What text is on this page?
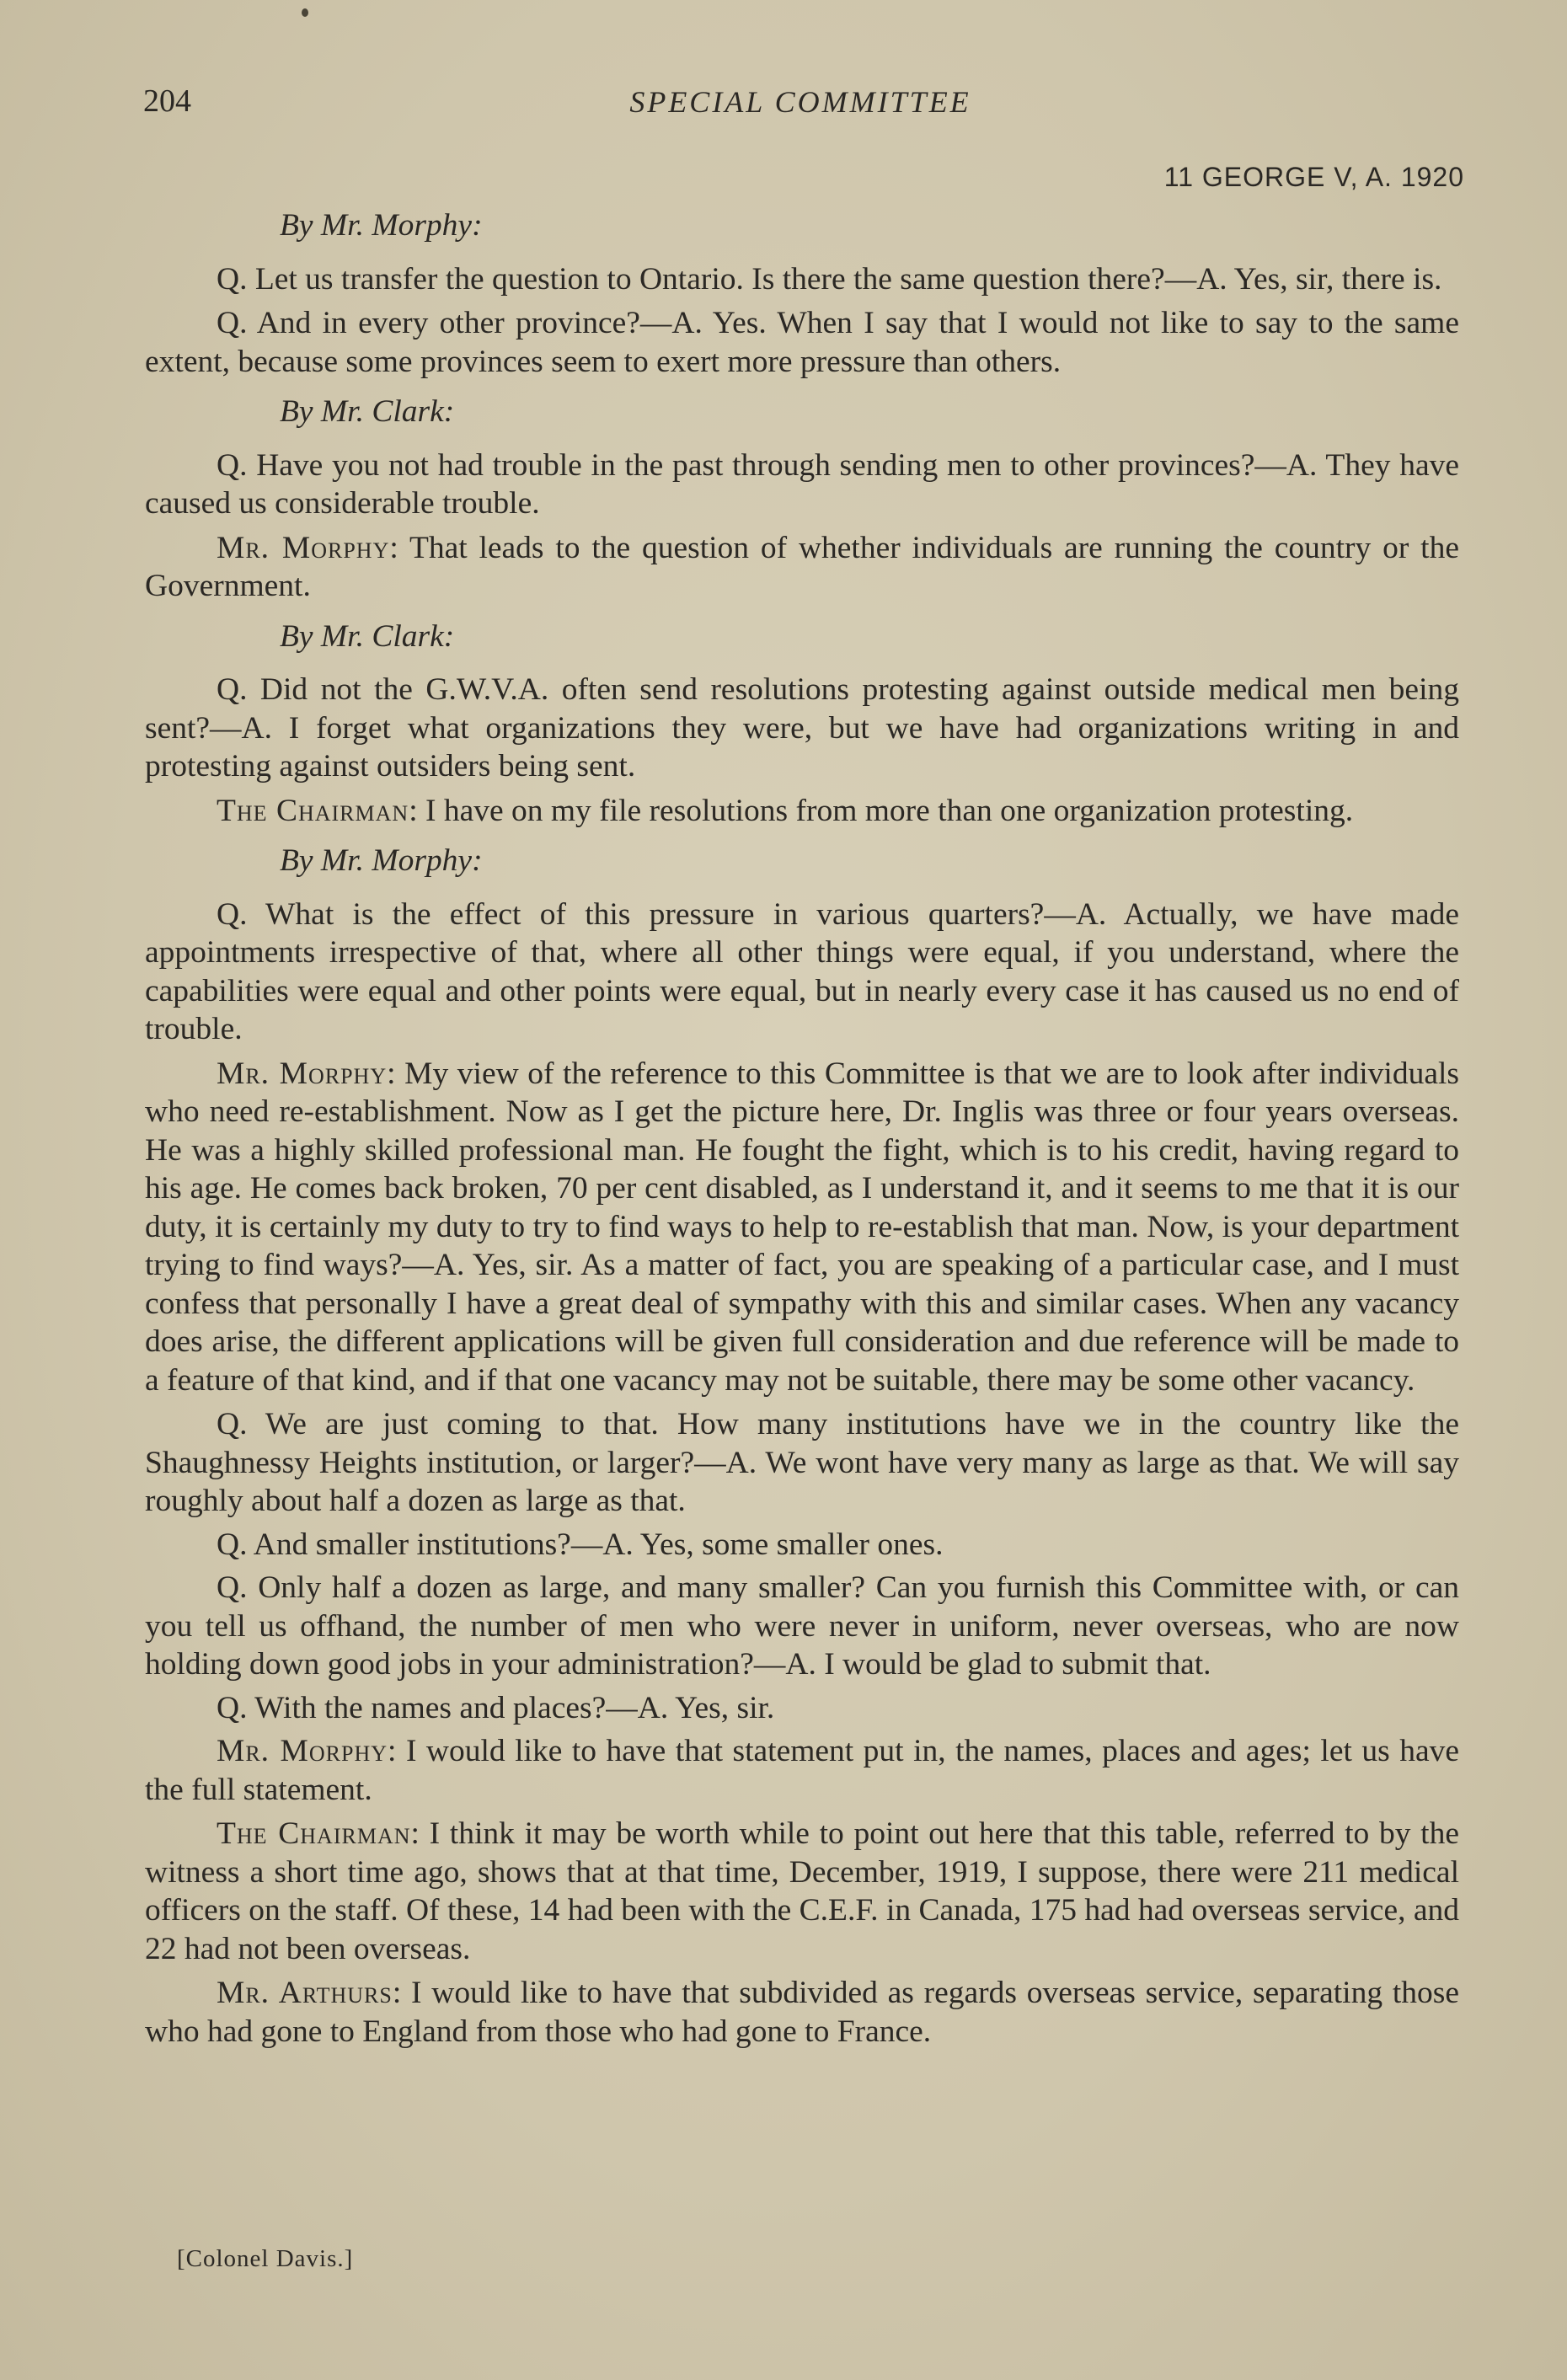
204	SPECIAL COMMITTEE
11 GEORGE V, A. 1920

By Mr. Morphy:

Q. Let us transfer the question to Ontario. Is there the same question there?—A. Yes, sir, there is.

Q. And in every other province?—A. Yes. When I say that I would not like to say to the same extent, because some provinces seem to exert more pressure than others.

By Mr. Clark:

Q. Have you not had trouble in the past through sending men to other provinces?—A. They have caused us considerable trouble.

Mr. Morphy: That leads to the question of whether individuals are running the country or the Government.

By Mr. Clark:

Q. Did not the G.W.V.A. often send resolutions protesting against outside medical men being sent?—A. I forget what organizations they were, but we have had organizations writing in and protesting against outsiders being sent.

The Chairman: I have on my file resolutions from more than one organization protesting.

By Mr. Morphy:

Q. What is the effect of this pressure in various quarters?—A. Actually, we have made appointments irrespective of that, where all other things were equal, if you understand, where the capabilities were equal and other points were equal, but in nearly every case it has caused us no end of trouble.

Mr. Morphy: My view of the reference to this Committee is that we are to look after individuals who need re-establishment. Now as I get the picture here, Dr. Inglis was three or four years overseas. He was a highly skilled professional man. He fought the fight, which is to his credit, having regard to his age. He comes back broken, 70 per cent disabled, as I understand it, and it seems to me that it is our duty, it is certainly my duty to try to find ways to help to re-establish that man. Now, is your department trying to find ways?—A. Yes, sir. As a matter of fact, you are speaking of a particular case, and I must confess that personally I have a great deal of sympathy with this and similar cases. When any vacancy does arise, the different applications will be given full consideration and due reference will be made to a feature of that kind, and if that one vacancy may not be suitable, there may be some other vacancy.

Q. We are just coming to that. How many institutions have we in the country like the Shaughnessy Heights institution, or larger?—A. We wont have very many as large as that. We will say roughly about half a dozen as large as that.

Q. And smaller institutions?—A. Yes, some smaller ones.

Q. Only half a dozen as large, and many smaller? Can you furnish this Committee with, or can you tell us offhand, the number of men who were never in uniform, never overseas, who are now holding down good jobs in your administration?—A. I would be glad to submit that.

Q. With the names and places?—A. Yes, sir.

Mr. Morphy: I would like to have that statement put in, the names, places and ages; let us have the full statement.

The Chairman: I think it may be worth while to point out here that this table, referred to by the witness a short time ago, shows that at that time, December, 1919, I suppose, there were 211 medical officers on the staff. Of these, 14 had been with the C.E.F. in Canada, 175 had had overseas service, and 22 had not been overseas.

Mr. Arthurs: I would like to have that subdivided as regards overseas service, separating those who had gone to England from those who had gone to France.

[Colonel Davis.]
